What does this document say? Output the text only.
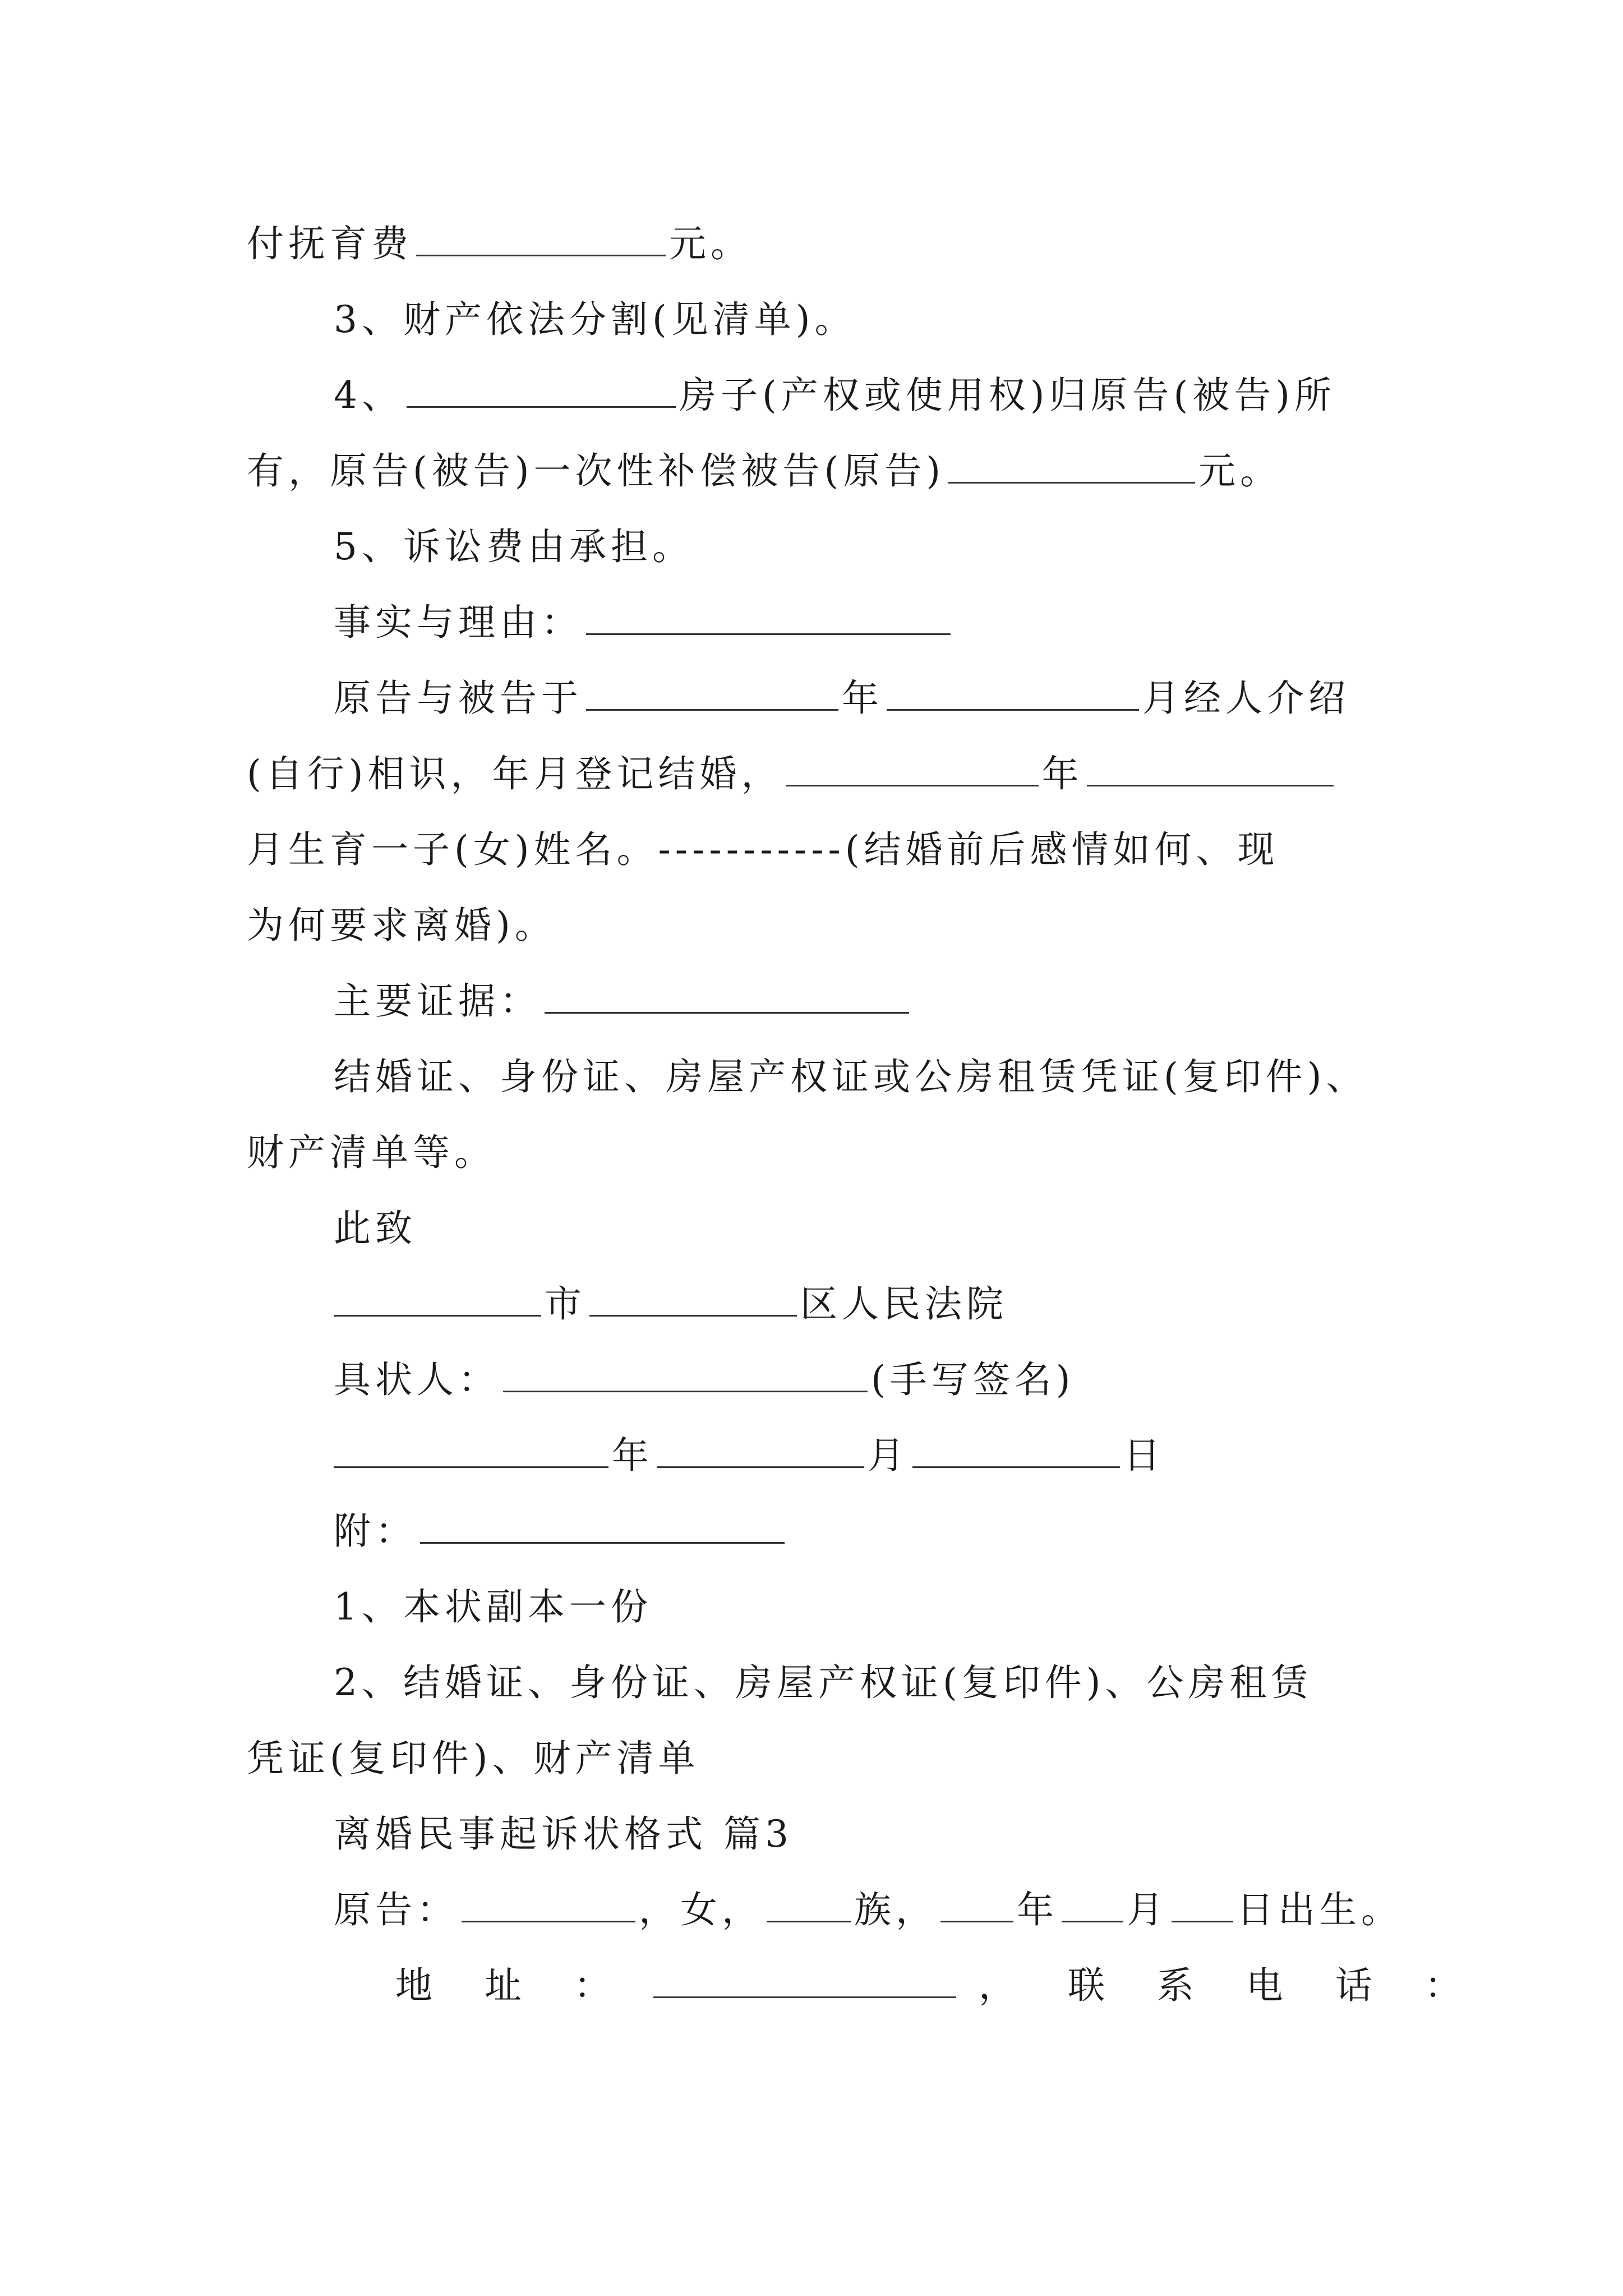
付抚育费	元。
3、财产依法分割(见清单)。
4、	房子(产权或使用权)归原告(被告)所
有，原告(被告)一次性补偿被告(原告)	元。
5、诉讼费由承担。
事实与理由：
原告与被告于	年	月经人介绍
(自行)相识，年月登记结婚，	年
月生育一子(女)姓名。-----------(结婚前后感情如何、现
为何要求离婚)。
主要证据：
结婚证、身份证、房屋产权证或公房租赁凭证(复印件)、
财产清单等。
此致
市	区人民法院
具状人：	(手写签名)
年	月	日
附：
1、本状副本一份
2、结婚证、身份证、房屋产权证(复印件)、公房租赁
凭证(复印件)、财产清单
离婚民事起诉状格式 篇3
原告：	，女， 族， 年 月 日出生。
地 址 ：	， 联 系 电 话 ：
